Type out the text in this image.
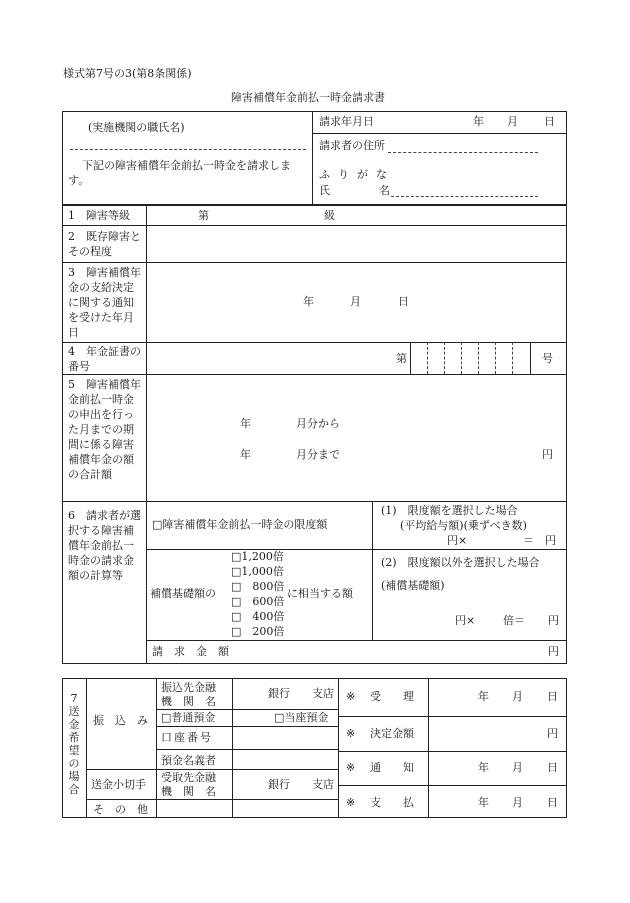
様式第7号の3(第8条関係)
障害補償年金前払一時金請求書
(実施機関の職氏名)
下記の障害補償年金前払一時金を請求します。
請求年月日	年 月 日
請求者の住所
ふりがな
氏	名
1　障害等級	第	級
2　既存障害とその程度
3　障害補償年金の支給決定に関する通知を受けた年月日
年	月	日
4　年金証書の番号
第	号
5　障害補償年金前払一時金の申出を行った月までの期間に係る障害補償年金の額の合計額
年	月分から
年	月分まで	円
6　請求者が選択する障害補償年金前払一時金の請求金額の計算等
□障害補償年金前払一時金の限度額
(1)　限度額を選択した場合
(平均給与額)(乗ずべき数)
円×	＝　円
補償基礎額の
□1,200倍
□1,000倍
□　800倍
□　600倍
□　400倍
□　200倍
に相当する額
(2)　限度額以外を選択した場合
(補償基礎額)
円×	倍＝ 円
請　求　金　額	円
7 送金希望の場合
振　込　み
振込先金融
機　関　名
銀行 支店
□普通預金	□当座預金
口座番号
預金名義者
送金小切手
受取先金融
機　関　名
銀行 支店
そ　の　他
※ 受　　理	年 月 日
※ 決定金額	円
※ 通　　知	年 月 日
※ 支　　払	年 月 日
